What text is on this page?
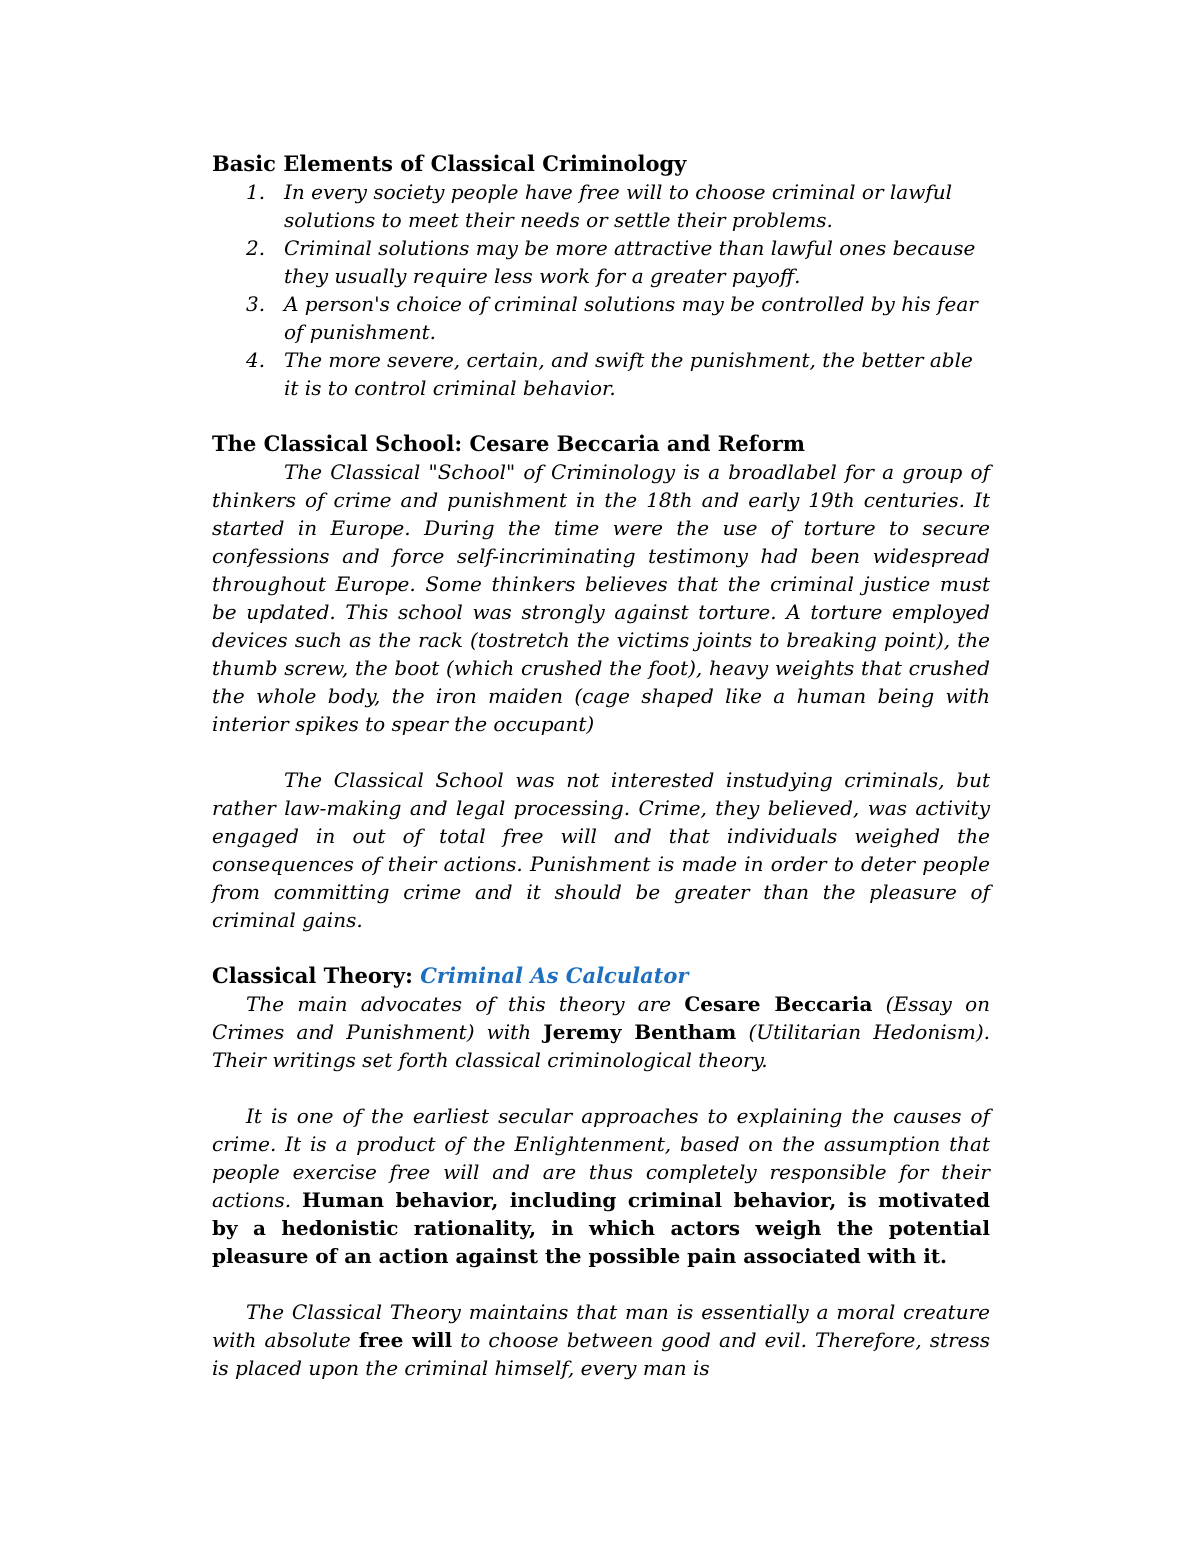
Basic Elements of Classical Criminology
1. In every society people have free will to choose criminal or lawful solutions to meet their needs or settle their problems.
2. Criminal solutions may be more attractive than lawful ones because they usually require less work for a greater payoff.
3. A person's choice of criminal solutions may be controlled by his fear of punishment.
4. The more severe, certain, and swift the punishment, the better able it is to control criminal behavior.
The Classical School: Cesare Beccaria and Reform

The Classical "School" of Criminology is a broadlabel for a group of thinkers of crime and punishment in the 18th and early 19th centuries. It started in Europe. During the time were the use of torture to secure confessions and force self-incriminating testimony had been widespread throughout Europe. Some thinkers believes that the criminal justice must be updated. This school was strongly against torture. A torture employed devices such as the rack (tostretch the victims joints to breaking point), the thumb screw, the boot (which crushed the foot), heavy weights that crushed the whole body, the iron maiden (cage shaped like a human being with interior spikes to spear the occupant)

The Classical School was not interested instudying criminals, but rather law-making and legal processing. Crime, they believed, was activity engaged in out of total free will and that individuals weighed the consequences of their actions. Punishment is made in order to deter people from committing crime and it should be greater than the pleasure of criminal gains.

Classical Theory: Criminal As Calculator

The main advocates of this theory are Cesare Beccaria (Essay on Crimes and Punishment) with Jeremy Bentham (Utilitarian Hedonism). Their writings set forth classical criminological theory.

It is one of the earliest secular approaches to explaining the causes of crime. It is a product of the Enlightenment, based on the assumption that people exercise free will and are thus completely responsible for their actions. Human behavior, including criminal behavior, is motivated by a hedonistic rationality, in which actors weigh the potential pleasure of an action against the possible pain associated with it.

The Classical Theory maintains that man is essentially a moral creature with absolute free will to choose between good and evil. Therefore, stress is placed upon the criminal himself, every man is
